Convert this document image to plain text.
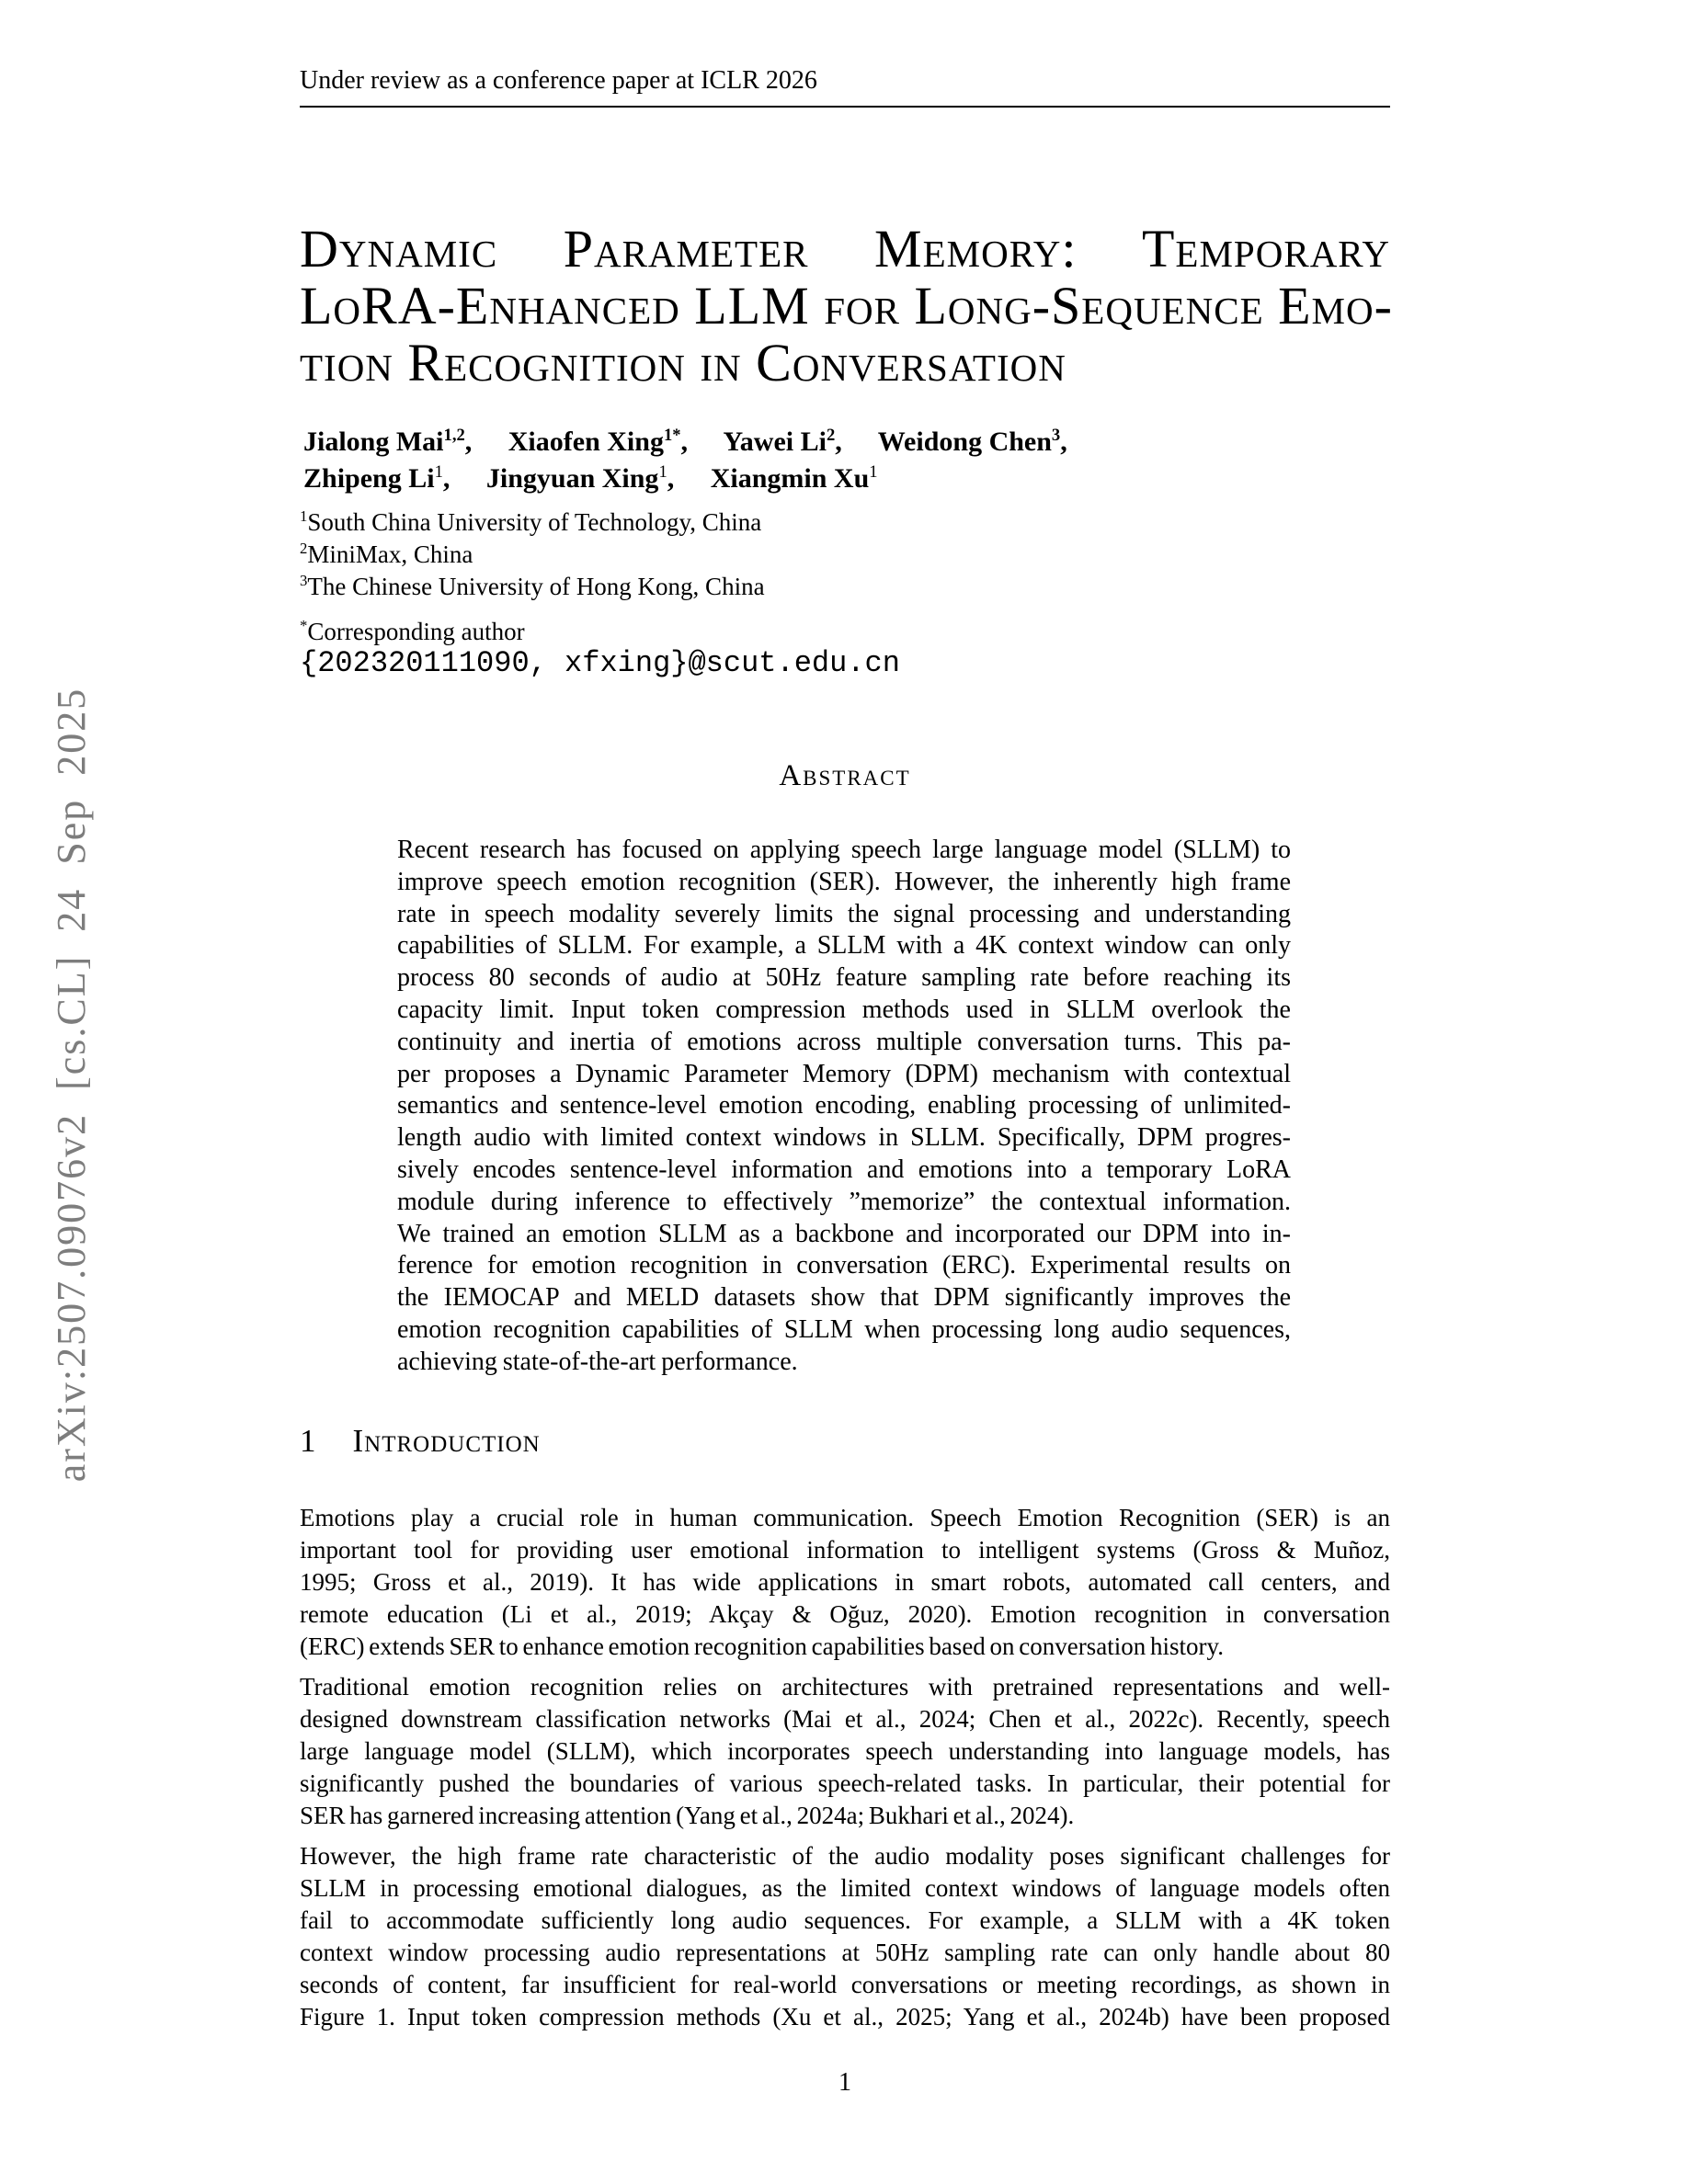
Under review as a conference paper at ICLR 2026
arXiv:2507.09076v2 [cs.CL] 24 Sep 2025
Dynamic Parameter Memory: Temporary
LoRA-Enhanced LLM for Long-Sequence Emo-
tion Recognition in Conversation
Jialong Mai$^{1,2}$, Xiaofen Xing$^{1*}$, Yawei Li$^2$, Weidong Chen$^3$,
Zhipeng Li$^1$, Jingyuan Xing$^1$, Xiangmin Xu$^1$
$^1$South China University of Technology, China
$^2$MiniMax, China
$^3$The Chinese University of Hong Kong, China
*Corresponding author
{202320111090, xfxing}@scut.edu.cn
Abstract
Recent research has focused on applying speech large language model (SLLM) to
improve speech emotion recognition (SER). However, the inherently high frame
rate in speech modality severely limits the signal processing and understanding
capabilities of SLLM. For example, a SLLM with a 4K context window can only
process 80 seconds of audio at 50Hz feature sampling rate before reaching its
capacity limit. Input token compression methods used in SLLM overlook the
continuity and inertia of emotions across multiple conversation turns. This pa-
per proposes a Dynamic Parameter Memory (DPM) mechanism with contextual
semantics and sentence-level emotion encoding, enabling processing of unlimited-
length audio with limited context windows in SLLM. Specifically, DPM progres-
sively encodes sentence-level information and emotions into a temporary LoRA
module during inference to effectively ”memorize” the contextual information.
We trained an emotion SLLM as a backbone and incorporated our DPM into in-
ference for emotion recognition in conversation (ERC). Experimental results on
the IEMOCAP and MELD datasets show that DPM significantly improves the
emotion recognition capabilities of SLLM when processing long audio sequences,
achieving state-of-the-art performance.
1 Introduction
Emotions play a crucial role in human communication. Speech Emotion Recognition (SER) is an
important tool for providing user emotional information to intelligent systems (Gross & Muñoz,
1995; Gross et al., 2019). It has wide applications in smart robots, automated call centers, and
remote education (Li et al., 2019; Akçay & Oğuz, 2020). Emotion recognition in conversation
(ERC) extends SER to enhance emotion recognition capabilities based on conversation history.
Traditional emotion recognition relies on architectures with pretrained representations and well-
designed downstream classification networks (Mai et al., 2024; Chen et al., 2022c). Recently, speech
large language model (SLLM), which incorporates speech understanding into language models, has
significantly pushed the boundaries of various speech-related tasks. In particular, their potential for
SER has garnered increasing attention (Yang et al., 2024a; Bukhari et al., 2024).
However, the high frame rate characteristic of the audio modality poses significant challenges for
SLLM in processing emotional dialogues, as the limited context windows of language models often
fail to accommodate sufficiently long audio sequences. For example, a SLLM with a 4K token
context window processing audio representations at 50Hz sampling rate can only handle about 80
seconds of content, far insufficient for real-world conversations or meeting recordings, as shown in
Figure 1. Input token compression methods (Xu et al., 2025; Yang et al., 2024b) have been proposed
1
